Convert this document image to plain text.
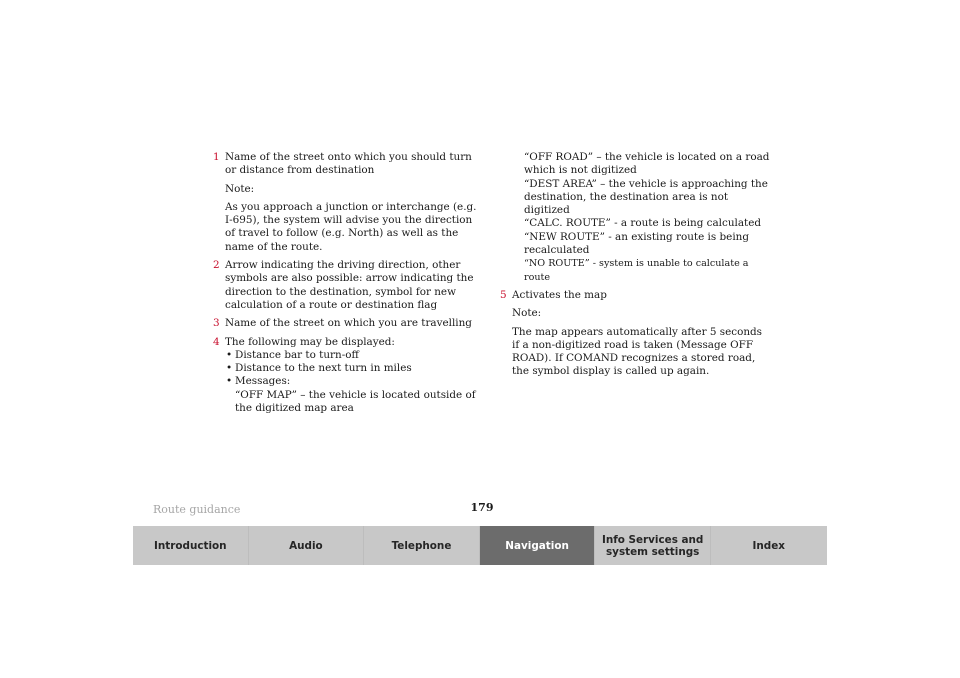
1 Name of the street onto which you should turn or distance from destination

Note:

As you approach a junction or interchange (e.g. I-695), the system will advise you the direction of travel to follow (e.g. North) as well as the name of the route.

2 Arrow indicating the driving direction, other symbols are also possible: arrow indicating the direction to the destination, symbol for new calculation of a route or destination flag

3 Name of the street on which you are travelling

4 The following may be displayed:

• Distance bar to turn-off
• Distance to the next turn in miles
• Messages:

“OFF MAP” – the vehicle is located outside of the digitized map area

“OFF ROAD” – the vehicle is located on a road which is not digitized

“DEST AREA” – the vehicle is approaching the destination, the destination area is not digitized

“CALC. ROUTE” - a route is being calculated

“NEW ROUTE” - an existing route is being recalculated

“NO ROUTE” - system is unable to calculate a route

5 Activates the map

Note:

The map appears automatically after 5 seconds if a non-digitized road is taken (Message OFF ROAD). If COMAND recognizes a stored road, the symbol display is called up again.

Route guidance	179
Introduction	Audio	Telephone	Navigation	Info Services and
system settings	Index
